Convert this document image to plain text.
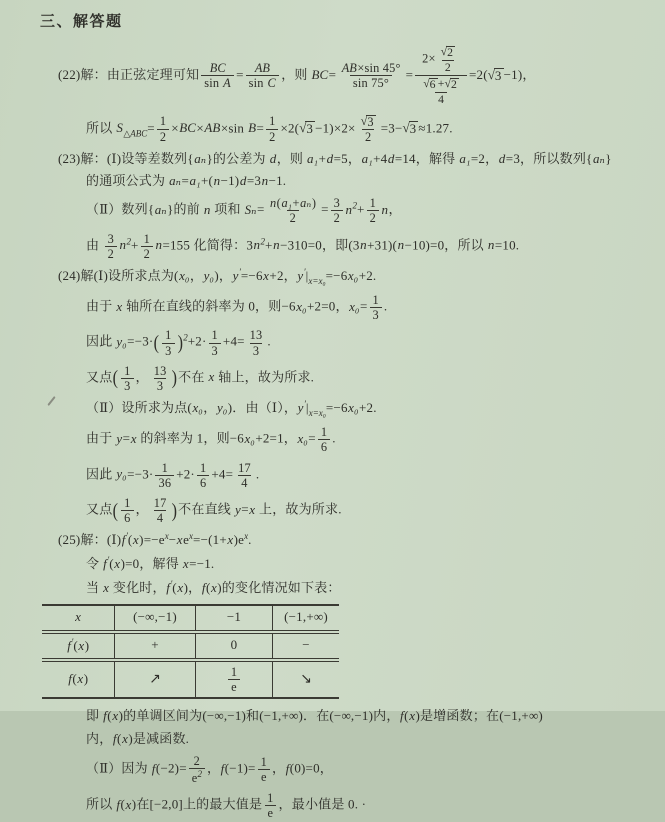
三、解答题
(22)解：由正弦定理可知 $\frac{BC}{\text{sin A}} = \frac{AB}{\text{sin C}}$ ，则 $BC= \frac{AB\times\sin 45^\circ}{\sin 75^\circ} = \frac{2\times \frac{√ 2}{2}}{\frac{√ 6 + √ 2}{4}} =2$( √ 3 −1)，
所以 $S_{\triangle ABC}= \frac{1}{2} \times BC\times AB\times\sin$ $B= \frac{1}{2} \times 2$( √ $3 -1)\times 2\times \frac{√ 3}{2} =3-$ √ 3 ≈1.27.
(23)解：(Ⅰ)设等差数列{aₙ}的公差为 d，则 a₁+d=5，a₁+4d=14，解得 a₁=2，d=3，所以数列{aₙ}
的通项公式为 aₙ=a₁+(n−1)d=3n−1.
（Ⅱ）数列{aₙ}的前 n 项和 $S_n= \frac{\text{n(a₁+aₙ)}}{2} = \frac{3}{2} n^2+ \frac{1}{2}$ n，
由 $\frac{3}{2} n^2+ \frac{1}{2} n=155$ 化简得：$3n^2+n-310=0$，即(3n+31)(n−10)=0，所以 n=10.
(24)解(Ⅰ)设所求点为(x₀，y₀)，y′=−6x+2，$y'|_{x=x_0}=-6x_0+2$.
由于 x 轴所在直线的斜率为 0，则−6x₀+2=0，$x_0= \frac{1}{3}$ .
因此 $y_0=-3\cdot( \frac{1}{3} )^2+2\cdot \frac{1}{3} +4= \frac{13}{3}$ .
又点( $\frac{1}{3}$ ， $\frac{13}{3}$ )不在 x 轴上，故为所求.
（Ⅱ）设所求为点(x₀，y₀)．由（Ⅰ），$y'|_{x=x_0}=-6x_0+2$.
由于 y=x 的斜率为 1，则−6x₀+2=1，$x_0= \frac{1}{6}$ .
因此 $y_0=-3\cdot \frac{1}{36} +2\cdot \frac{1}{6} +4= \frac{17}{4}$ .
又点( $\frac{1}{6}$ ， $\frac{17}{4}$ )不在直线 y=x 上，故为所求.
(25)解：$(Ⅰ)f'(x)=-e^x-xe^x=-(1+x)e^x$.
令 f′(x)=0，解得 x=−1.
当 x 变化时，f′(x)，f(x)的变化情况如下表：
x	(−∞,−1)	−1	(−1,+∞)
f′(x)	+	0	−
f(x)	↗	$\frac{1}{e}$	↘
即 f(x)的单调区间为(−∞,−1)和(−1,+∞)．在(−∞,−1)内，f(x)是增函数；在(−1,+∞)
内，f(x)是减函数.
（Ⅱ）因为 $f(-2)= \frac{2}{e^2}$ ，$f(-1)= \frac{1}{e}$ ，f(0)=0，
所以 f(x)在[−2,0]上的最大值是 $\frac{1}{e}$ ，最小值是 0. ·
